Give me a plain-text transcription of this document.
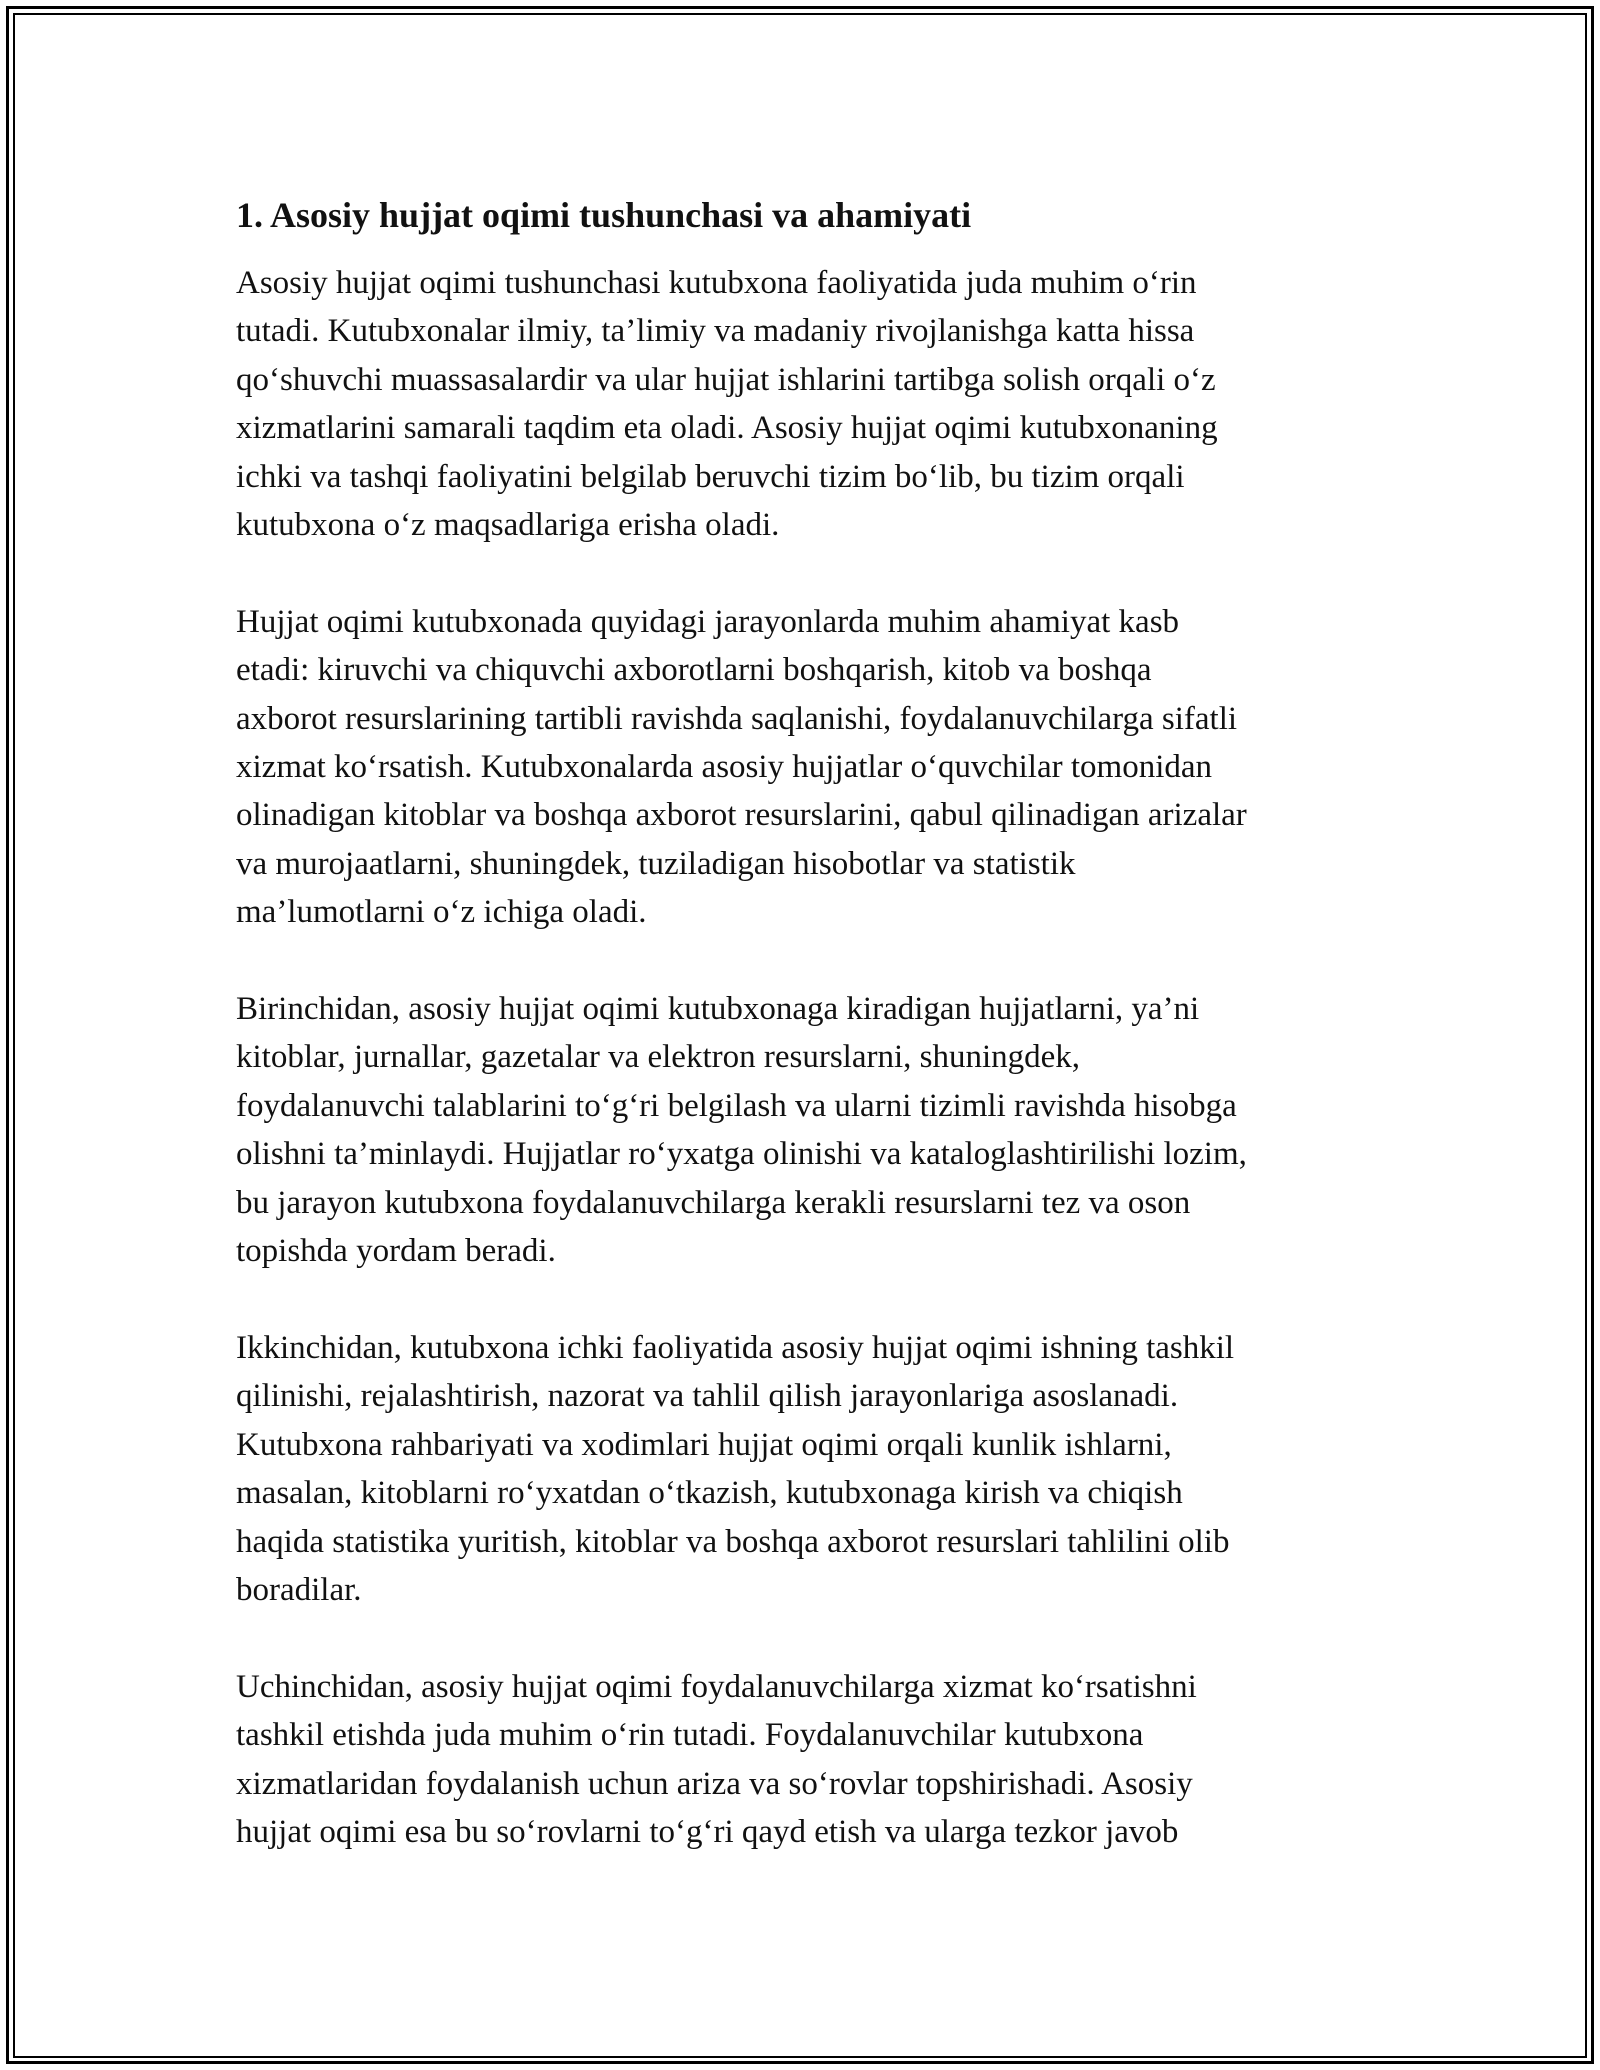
1. Asosiy hujjat oqimi tushunchasi va ahamiyati

Asosiy hujjat oqimi tushunchasi kutubxona faoliyatida juda muhim o‘rin
tutadi. Kutubxonalar ilmiy, ta’limiy va madaniy rivojlanishga katta hissa
qo‘shuvchi muassasalardir va ular hujjat ishlarini tartibga solish orqali o‘z
xizmatlarini samarali taqdim eta oladi. Asosiy hujjat oqimi kutubxonaning
ichki va tashqi faoliyatini belgilab beruvchi tizim bo‘lib, bu tizim orqali
kutubxona o‘z maqsadlariga erisha oladi.

Hujjat oqimi kutubxonada quyidagi jarayonlarda muhim ahamiyat kasb
etadi: kiruvchi va chiquvchi axborotlarni boshqarish, kitob va boshqa
axborot resurslarining tartibli ravishda saqlanishi, foydalanuvchilarga sifatli
xizmat ko‘rsatish. Kutubxonalarda asosiy hujjatlar o‘quvchilar tomonidan
olinadigan kitoblar va boshqa axborot resurslarini, qabul qilinadigan arizalar
va murojaatlarni, shuningdek, tuziladigan hisobotlar va statistik
ma’lumotlarni o‘z ichiga oladi.

Birinchidan, asosiy hujjat oqimi kutubxonaga kiradigan hujjatlarni, ya’ni
kitoblar, jurnallar, gazetalar va elektron resurslarni, shuningdek,
foydalanuvchi talablarini to‘g‘ri belgilash va ularni tizimli ravishda hisobga
olishni ta’minlaydi. Hujjatlar ro‘yxatga olinishi va kataloglashtirilishi lozim,
bu jarayon kutubxona foydalanuvchilarga kerakli resurslarni tez va oson
topishda yordam beradi.

Ikkinchidan, kutubxona ichki faoliyatida asosiy hujjat oqimi ishning tashkil
qilinishi, rejalashtirish, nazorat va tahlil qilish jarayonlariga asoslanadi.
Kutubxona rahbariyati va xodimlari hujjat oqimi orqali kunlik ishlarni,
masalan, kitoblarni ro‘yxatdan o‘tkazish, kutubxonaga kirish va chiqish
haqida statistika yuritish, kitoblar va boshqa axborot resurslari tahlilini olib
boradilar.

Uchinchidan, asosiy hujjat oqimi foydalanuvchilarga xizmat ko‘rsatishni
tashkil etishda juda muhim o‘rin tutadi. Foydalanuvchilar kutubxona
xizmatlaridan foydalanish uchun ariza va so‘rovlar topshirishadi. Asosiy
hujjat oqimi esa bu so‘rovlarni to‘g‘ri qayd etish va ularga tezkor javob
